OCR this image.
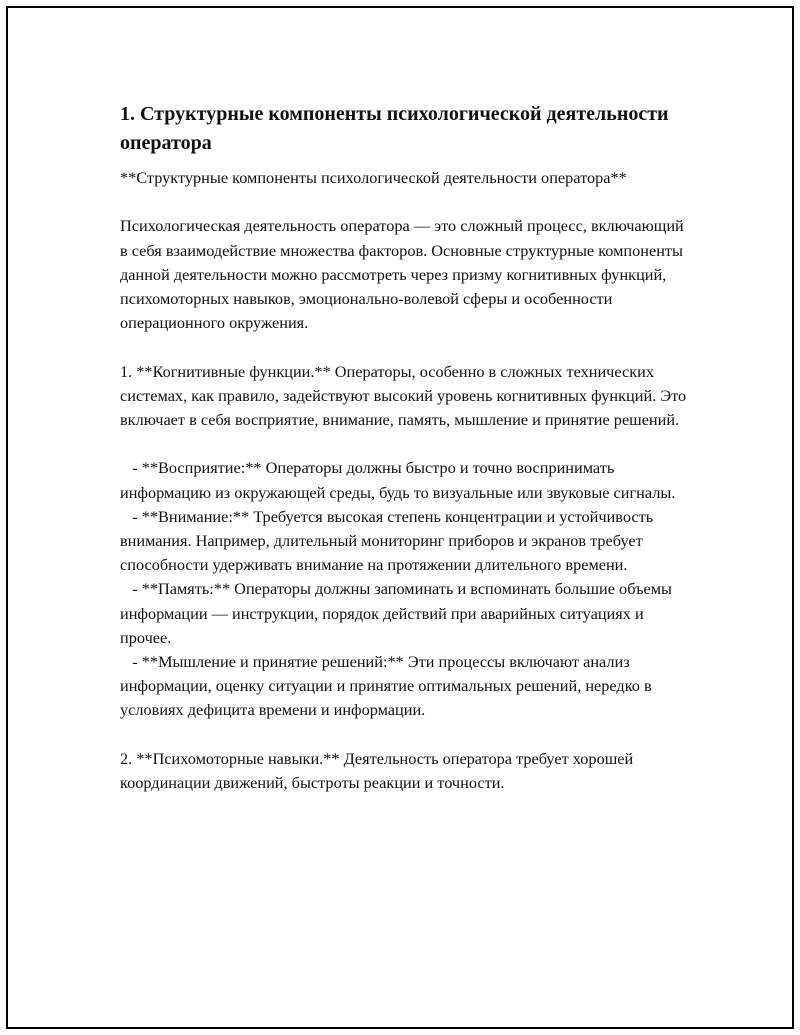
1. Структурные компоненты психологической деятельности оператора

**Структурные компоненты психологической деятельности оператора**

Психологическая деятельность оператора — это сложный процесс, включающий в себя взаимодействие множества факторов. Основные структурные компоненты данной деятельности можно рассмотреть через призму когнитивных функций, психомоторных навыков, эмоционально-волевой сферы и особенности операционного окружения.

1. **Когнитивные функции.** Операторы, особенно в сложных технических системах, как правило, задействуют высокий уровень когнитивных функций. Это включает в себя восприятие, внимание, память, мышление и принятие решений.

- **Восприятие:** Операторы должны быстро и точно воспринимать информацию из окружающей среды, будь то визуальные или звуковые сигналы.

- **Внимание:** Требуется высокая степень концентрации и устойчивость внимания. Например, длительный мониторинг приборов и экранов требует способности удерживать внимание на протяжении длительного времени.

- **Память:** Операторы должны запоминать и вспоминать большие объемы информации — инструкции, порядок действий при аварийных ситуациях и прочее.

- **Мышление и принятие решений:** Эти процессы включают анализ информации, оценку ситуации и принятие оптимальных решений, нередко в условиях дефицита времени и информации.

2. **Психомоторные навыки.** Деятельность оператора требует хорошей координации движений, быстроты реакции и точности.
